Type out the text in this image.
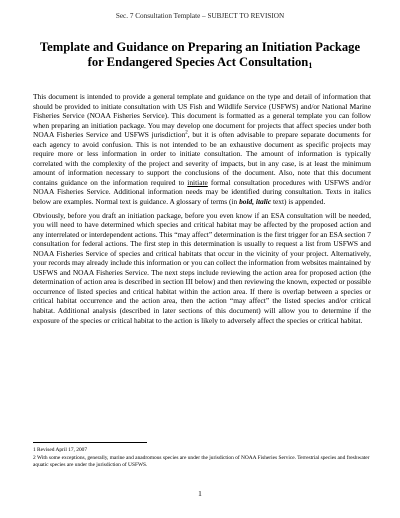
Sec. 7 Consultation Template – SUBJECT TO REVISION
Template and Guidance on Preparing an Initiation Package
for Endangered Species Act Consultation$_1$

This document is intended to provide a general template and guidance on the type and detail of information that should be provided to initiate consultation with US Fish and Wildlife Service (USFWS) and/or National Marine Fisheries Service (NOAA Fisheries Service). This document is formatted as a general template you can follow when preparing an initiation package. You may develop one document for projects that affect species under both NOAA Fisheries Service and USFWS jurisdiction$^2$, but it is often advisable to prepare separate documents for each agency to avoid confusion. This is not intended to be an exhaustive document as specific projects may require more or less information in order to initiate consultation. The amount of information is typically correlated with the complexity of the project and severity of impacts, but in any case, is at least the minimum amount of information necessary to support the conclusions of the document. Also, note that this document contains guidance on the information required to initiate formal consultation procedures with USFWS and/or NOAA Fisheries Service. Additional information needs may be identified during consultation. Texts in italics below are examples. Normal text is guidance. A glossary of terms (in bold, italic text) is appended.

Obviously, before you draft an initiation package, before you even know if an ESA consultation will be needed, you will need to have determined which species and critical habitat may be affected by the proposed action and any interrelated or interdependent actions. This “may affect” determination is the first trigger for an ESA section 7 consultation for federal actions. The first step in this determination is usually to request a list from USFWS and NOAA Fisheries Service of species and critical habitats that occur in the vicinity of your project. Alternatively, your records may already include this information or you can collect the information from websites maintained by USFWS and NOAA Fisheries Service. The next steps include reviewing the action area for proposed action (the determination of action area is described in section III below) and then reviewing the known, expected or possible occurrence of listed species and critical habitat within the action area. If there is overlap between a species or critical habitat occurrence and the action area, then the action “may affect” the listed species and/or critical habitat. Additional analysis (described in later sections of this document) will allow you to determine if the exposure of the species or critical habitat to the action is likely to adversely affect the species or critical habitat.

1 Revised April 17, 2007
2 With some exceptions, generally, marine and anadromous species are under the jurisdiction of NOAA Fisheries Service. Terrestrial species and freshwater aquatic species are under the jurisdiction of USFWS.
1
